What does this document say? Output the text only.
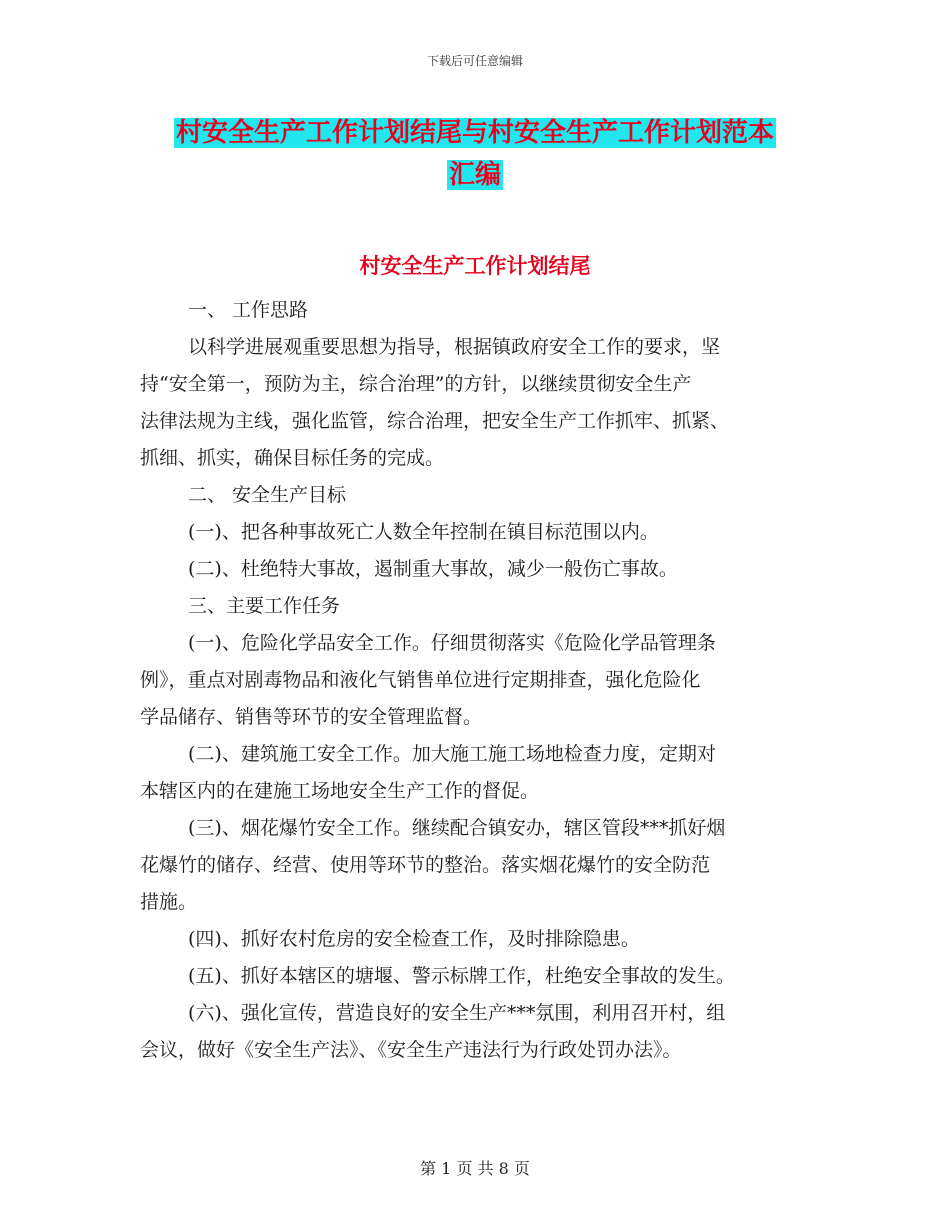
下载后可任意编辑
村安全生产工作计划结尾与村安全生产工作计划范本
汇编
村安全生产工作计划结尾
一、 工作思路
以科学进展观重要思想为指导，根据镇政府安全工作的要求，坚
持“安全第一，预防为主，综合治理”的方针，以继续贯彻安全生产
法律法规为主线，强化监管，综合治理，把安全生产工作抓牢、抓紧、
抓细、抓实，确保目标任务的完成。
二、 安全生产目标
(一)、把各种事故死亡人数全年控制在镇目标范围以内。
(二)、杜绝特大事故，遏制重大事故，减少一般伤亡事故。
三、主要工作任务
(一)、危险化学品安全工作。仔细贯彻落实《危险化学品管理条
例》，重点对剧毒物品和液化气销售单位进行定期排查，强化危险化
学品储存、销售等环节的安全管理监督。
(二)、建筑施工安全工作。加大施工施工场地检查力度，定期对
本辖区内的在建施工场地安全生产工作的督促。
(三)、烟花爆竹安全工作。继续配合镇安办，辖区管段***抓好烟
花爆竹的储存、经营、使用等环节的整治。落实烟花爆竹的安全防范
措施。
(四)、抓好农村危房的安全检查工作，及时排除隐患。
(五)、抓好本辖区的塘堰、警示标牌工作，杜绝安全事故的发生。
(六)、强化宣传，营造良好的安全生产***氛围，利用召开村，组
会议，做好《安全生产法》、《安全生产违法行为行政处罚办法》。
第 1 页 共 8 页
